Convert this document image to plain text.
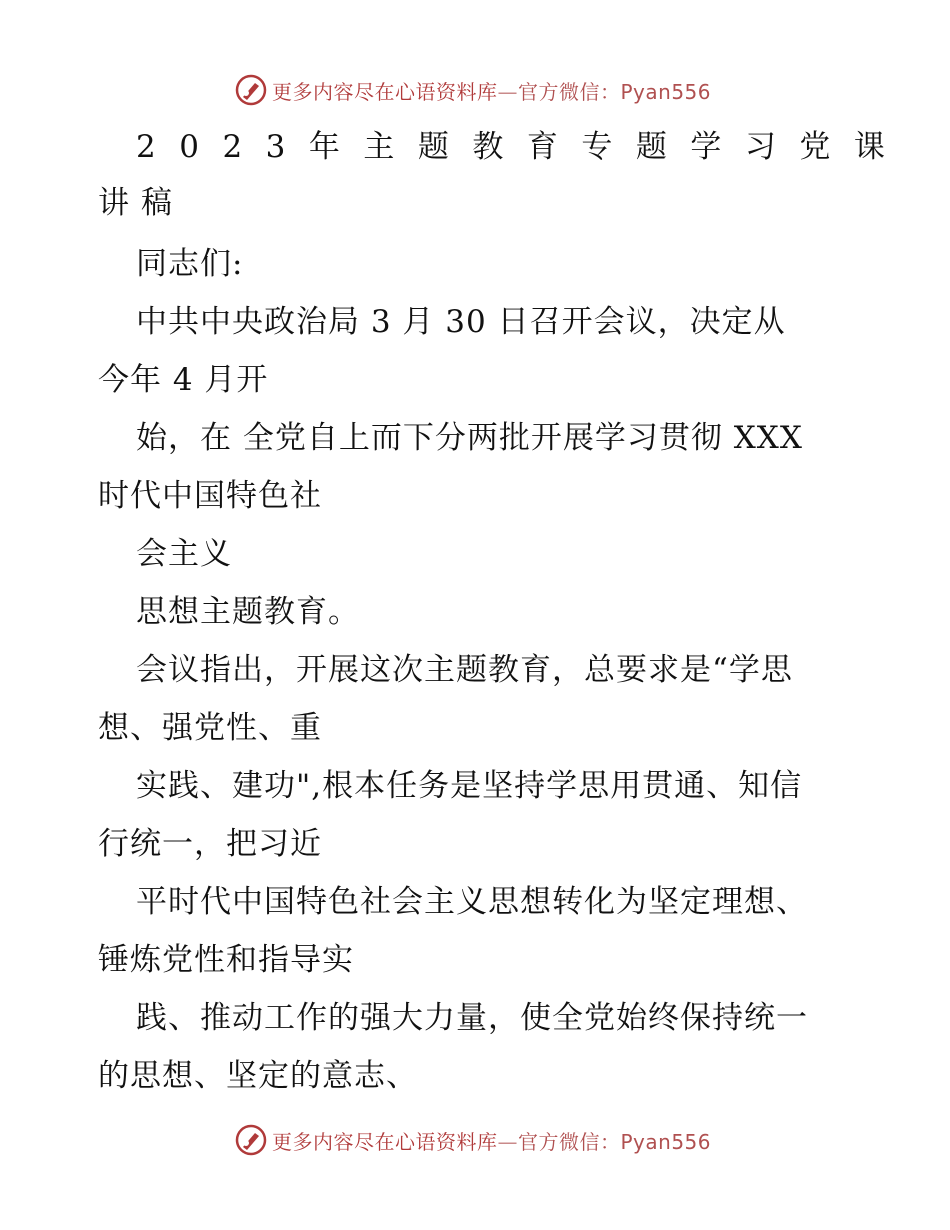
更多内容尽在心语资料库—官方微信：Pyan556
2023年主题教育专题学习党课
讲稿
同志们:
中共中央政治局 3 月 30 日召开会议，决定从
今年 4 月开
始，在 全党自上而下分两批开展学习贯彻 XXX
时代中国特色社
会主义
思想主题教育。
会议指出，开展这次主题教育，总要求是“学思
想、强党性、重
实践、建功",根本任务是坚持学思用贯通、知信
行统一，把习近
平时代中国特色社会主义思想转化为坚定理想、
锤炼党性和指导实
践、推动工作的强大力量，使全党始终保持统一
的思想、坚定的意志、
更多内容尽在心语资料库—官方微信：Pyan556
